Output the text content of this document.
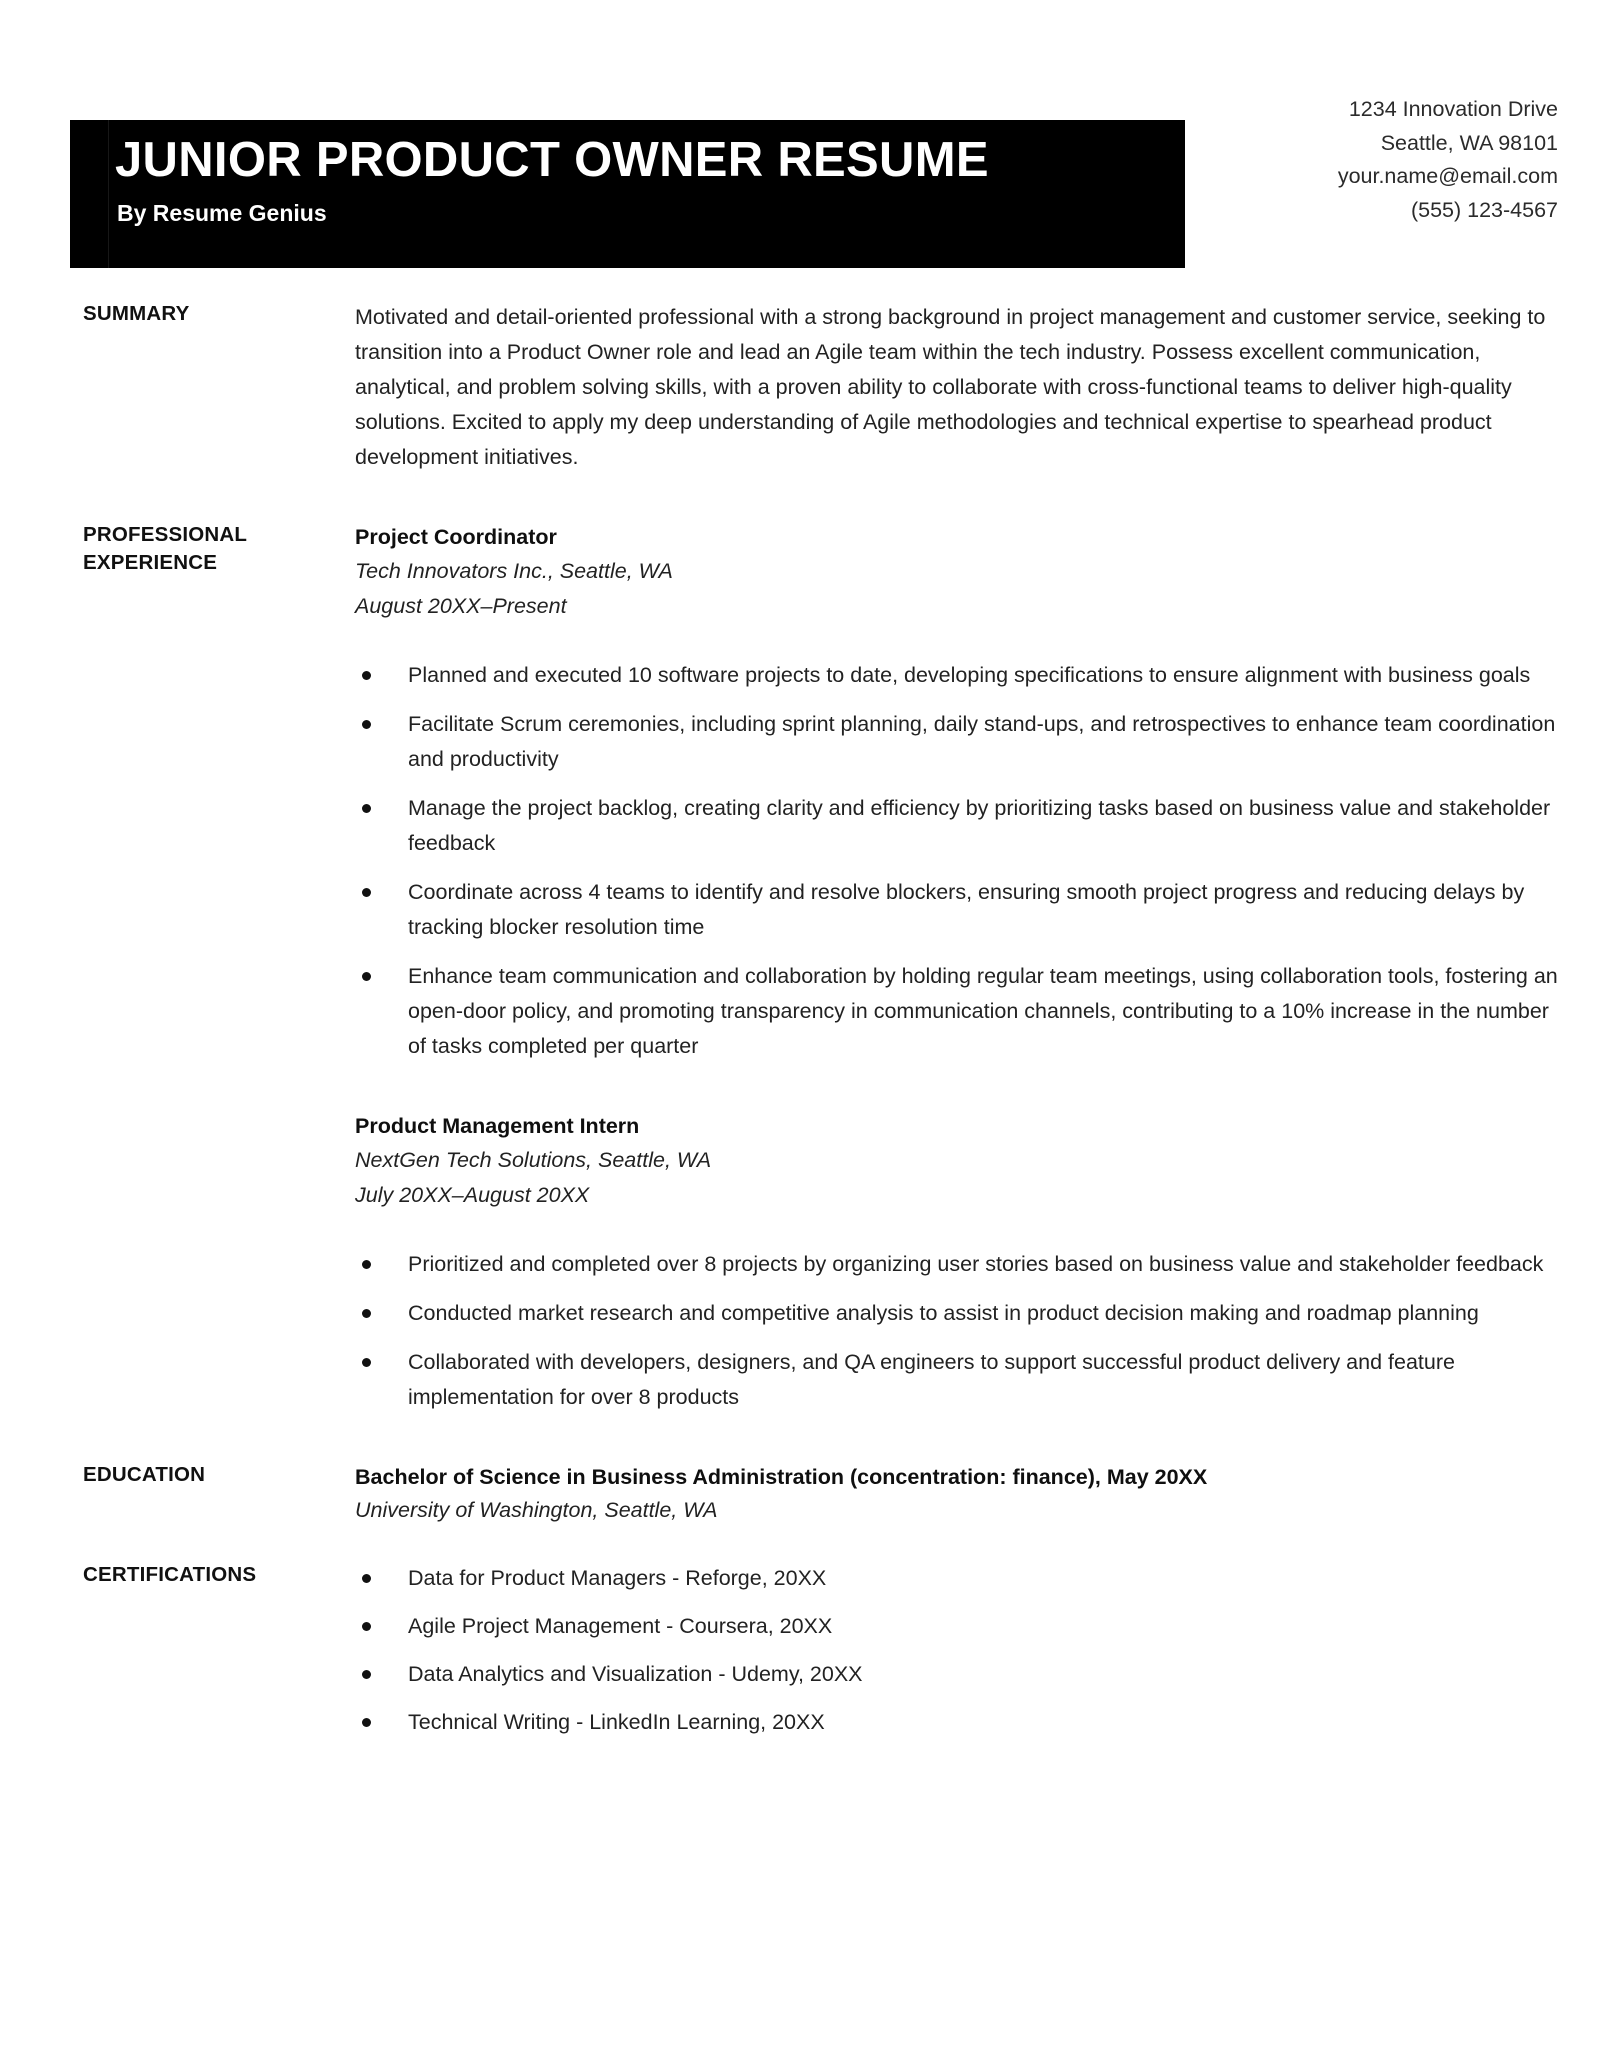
JUNIOR PRODUCT OWNER RESUME
By Resume Genius
1234 Innovation Drive
Seattle, WA 98101
your.name@email.com
(555) 123-4567
SUMMARY	Motivated and detail-oriented professional with a strong background in project management and customer service, seeking to transition into a Product Owner role and lead an Agile team within the tech industry. Possess excellent communication, analytical, and problem solving skills, with a proven ability to collaborate with cross-functional teams to deliver high-quality solutions. Excited to apply my deep understanding of Agile methodologies and technical expertise to spearhead product development initiatives.
PROFESSIONAL
EXPERIENCE
Project Coordinator
Tech Innovators Inc., Seattle, WA
August 20XX–Present
Planned and executed 10 software projects to date, developing specifications to ensure alignment with business goals
Facilitate Scrum ceremonies, including sprint planning, daily stand-ups, and retrospectives to enhance team coordination and productivity
Manage the project backlog, creating clarity and efficiency by prioritizing tasks based on business value and stakeholder feedback
Coordinate across 4 teams to identify and resolve blockers, ensuring smooth project progress and reducing delays by tracking blocker resolution time
Enhance team communication and collaboration by holding regular team meetings, using collaboration tools, fostering an open-door policy, and promoting transparency in communication channels, contributing to a 10% increase in the number of tasks completed per quarter
Product Management Intern
NextGen Tech Solutions, Seattle, WA
July 20XX–August 20XX
Prioritized and completed over 8 projects by organizing user stories based on business value and stakeholder feedback
Conducted market research and competitive analysis to assist in product decision making and roadmap planning
Collaborated with developers, designers, and QA engineers to support successful product delivery and feature implementation for over 8 products
EDUCATION	Bachelor of Science in Business Administration (concentration: finance), May 20XX
University of Washington, Seattle, WA
CERTIFICATIONS	Data for Product Managers - Reforge, 20XX
Agile Project Management - Coursera, 20XX
Data Analytics and Visualization - Udemy, 20XX
Technical Writing - LinkedIn Learning, 20XX
